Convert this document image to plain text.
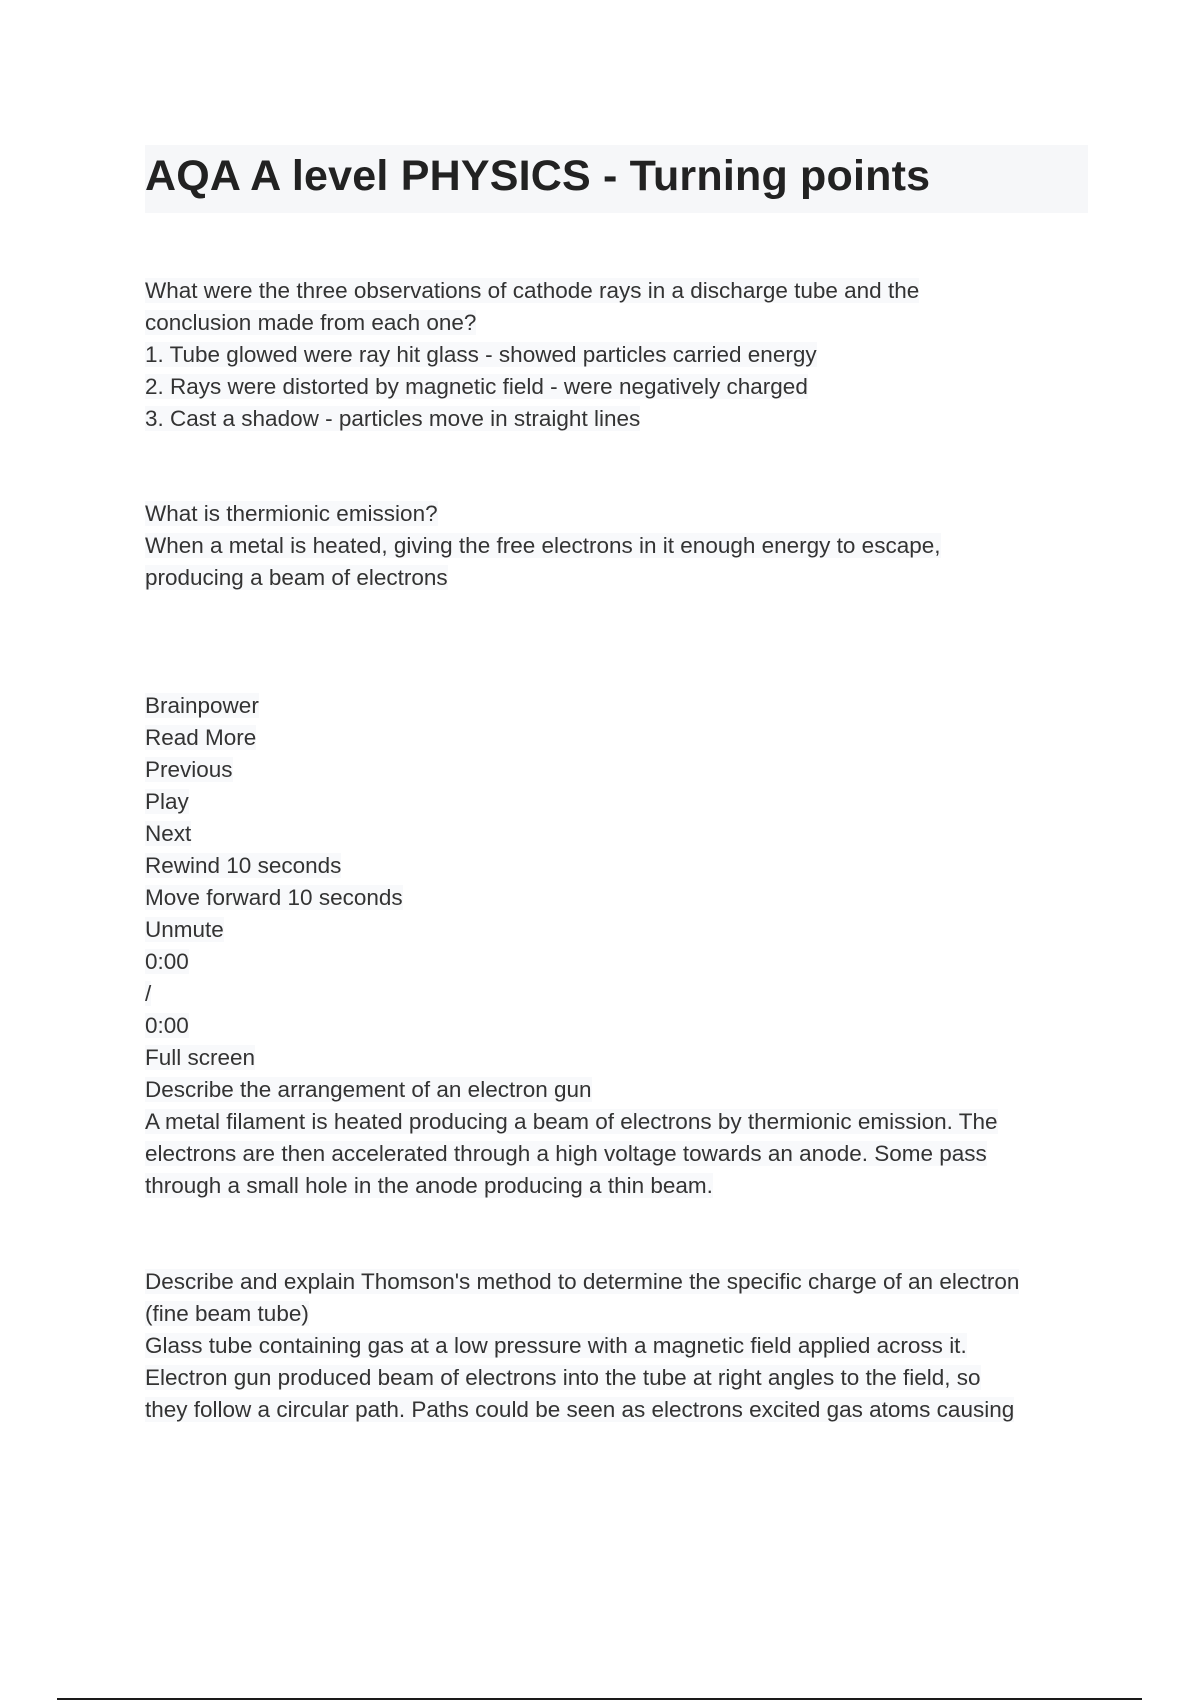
AQA A level PHYSICS - Turning points
What were the three observations of cathode rays in a discharge tube and the
conclusion made from each one?
1. Tube glowed were ray hit glass - showed particles carried energy
2. Rays were distorted by magnetic field - were negatively charged
3. Cast a shadow - particles move in straight lines
What is thermionic emission?
When a metal is heated, giving the free electrons in it enough energy to escape,
producing a beam of electrons
Brainpower
Read More
Previous
Play
Next
Rewind 10 seconds
Move forward 10 seconds
Unmute
0:00
/
0:00
Full screen
Describe the arrangement of an electron gun
A metal filament is heated producing a beam of electrons by thermionic emission. The
electrons are then accelerated through a high voltage towards an anode. Some pass
through a small hole in the anode producing a thin beam.
Describe and explain Thomson's method to determine the specific charge of an electron
(fine beam tube)
Glass tube containing gas at a low pressure with a magnetic field applied across it.
Electron gun produced beam of electrons into the tube at right angles to the field, so
they follow a circular path. Paths could be seen as electrons excited gas atoms causing
